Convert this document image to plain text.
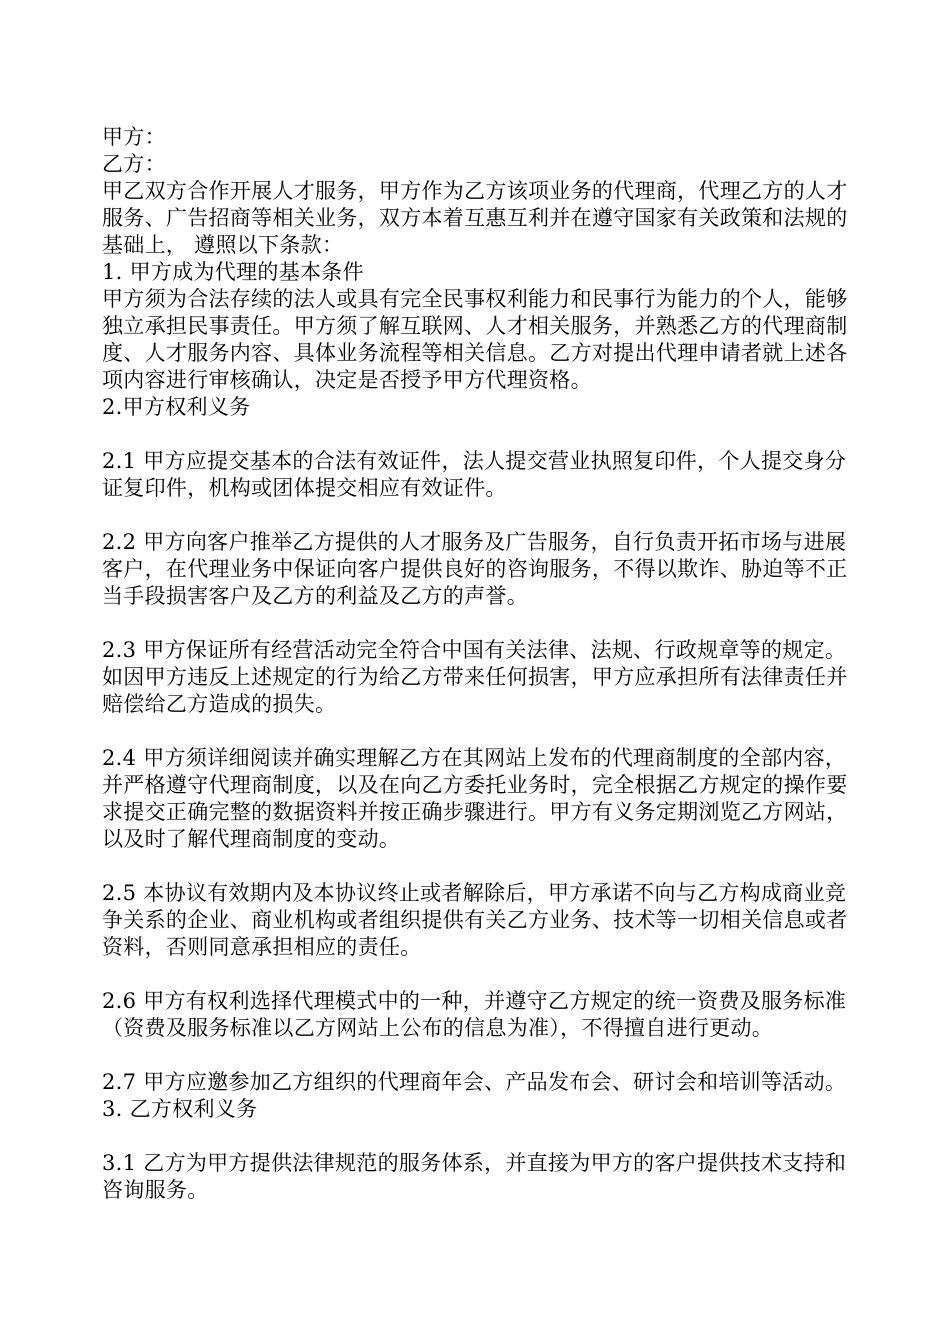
甲方：
乙方：
甲乙双方合作开展人才服务，甲方作为乙方该项业务的代理商，代理乙方的人才服务、广告招商等相关业务，双方本着互惠互利并在遵守国家有关政策和法规的基础上， 遵照以下条款：
1. 甲方成为代理的基本条件
甲方须为合法存续的法人或具有完全民事权利能力和民事行为能力的个人，能够独立承担民事责任。甲方须了解互联网、人才相关服务，并熟悉乙方的代理商制度、人才服务内容、具体业务流程等相关信息。乙方对提出代理申请者就上述各项内容进行审核确认，决定是否授予甲方代理资格。
2.甲方权利义务
2.1 甲方应提交基本的合法有效证件，法人提交营业执照复印件，个人提交身分证复印件，机构或团体提交相应有效证件。
2.2 甲方向客户推举乙方提供的人才服务及广告服务，自行负责开拓市场与进展客户，在代理业务中保证向客户提供良好的咨询服务，不得以欺诈、胁迫等不正当手段损害客户及乙方的利益及乙方的声誉。
2.3 甲方保证所有经营活动完全符合中国有关法律、法规、行政规章等的规定。如因甲方违反上述规定的行为给乙方带来任何损害，甲方应承担所有法律责任并赔偿给乙方造成的损失。
2.4 甲方须详细阅读并确实理解乙方在其网站上发布的代理商制度的全部内容，并严格遵守代理商制度，以及在向乙方委托业务时，完全根据乙方规定的操作要求提交正确完整的数据资料并按正确步骤进行。甲方有义务定期浏览乙方网站，以及时了解代理商制度的变动。
2.5 本协议有效期内及本协议终止或者解除后，甲方承诺不向与乙方构成商业竞争关系的企业、商业机构或者组织提供有关乙方业务、技术等一切相关信息或者资料，否则同意承担相应的责任。
2.6 甲方有权利选择代理模式中的一种，并遵守乙方规定的统一资费及服务标准（资费及服务标准以乙方网站上公布的信息为准），不得擅自进行更动。
2.7 甲方应邀参加乙方组织的代理商年会、产品发布会、研讨会和培训等活动。
3. 乙方权利义务
3.1 乙方为甲方提供法律规范的服务体系，并直接为甲方的客户提供技术支持和咨询服务。
